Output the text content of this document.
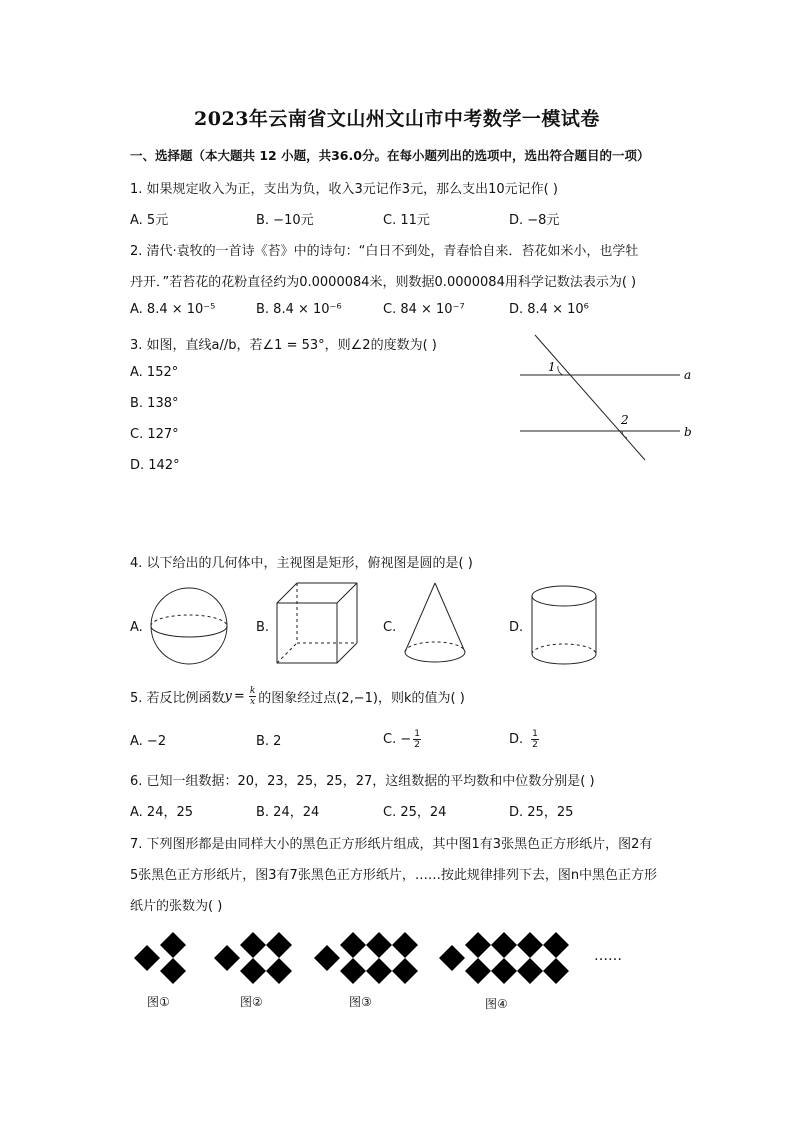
2023年云南省文山州文山市中考数学一模试卷
一、选择题（本大题共 12 小题，共36.0分。在每小题列出的选项中，选出符合题目的一项）
1. 如果规定收入为正，支出为负，收入3元记作3元，那么支出10元记作( )
A. 5元	B. −10元	C. 11元	D. −8元
2. 清代·袁牧的一首诗《苔》中的诗句：“白日不到处，青春恰自来．苔花如米小，也学牡
丹开．”若苔花的花粉直径约为0.0000084米，则数据0.0000084用科学记数法表示为( )
A. 8.4 × 10⁻⁵	B. 8.4 × 10⁻⁶	C. 84 × 10⁻⁷	D. 8.4 × 10⁶
3. 如图，直线a//b，若∠1 = 53°，则∠2的度数为( )
A. 152°
B. 138°
C. 127°
D. 142°
1
2
a
b
4. 以下给出的几何体中，主视图是矩形，俯视图是圆的是( )
A.	B.	C.	D.
5. 若反比例函数 $y = \frac{k}{x}$ 的图象经过点(2,−1)，则k的值为( )
A. −2	B. 2	C. − $\frac{1}{2}$	D. $\frac{1}{2}$
6. 已知一组数据：20，23，25，25，27，这组数据的平均数和中位数分别是( )
A. 24，25	B. 24，24	C. 25，24	D. 25，25
7. 下列图形都是由同样大小的黑色正方形纸片组成，其中图1有3张黑色正方形纸片，图2有
5张黑色正方形纸片，图3有7张黑色正方形纸片，……按此规律排列下去，图n中黑色正方形
纸片的张数为( )
……
图①	图②	图③	图④
